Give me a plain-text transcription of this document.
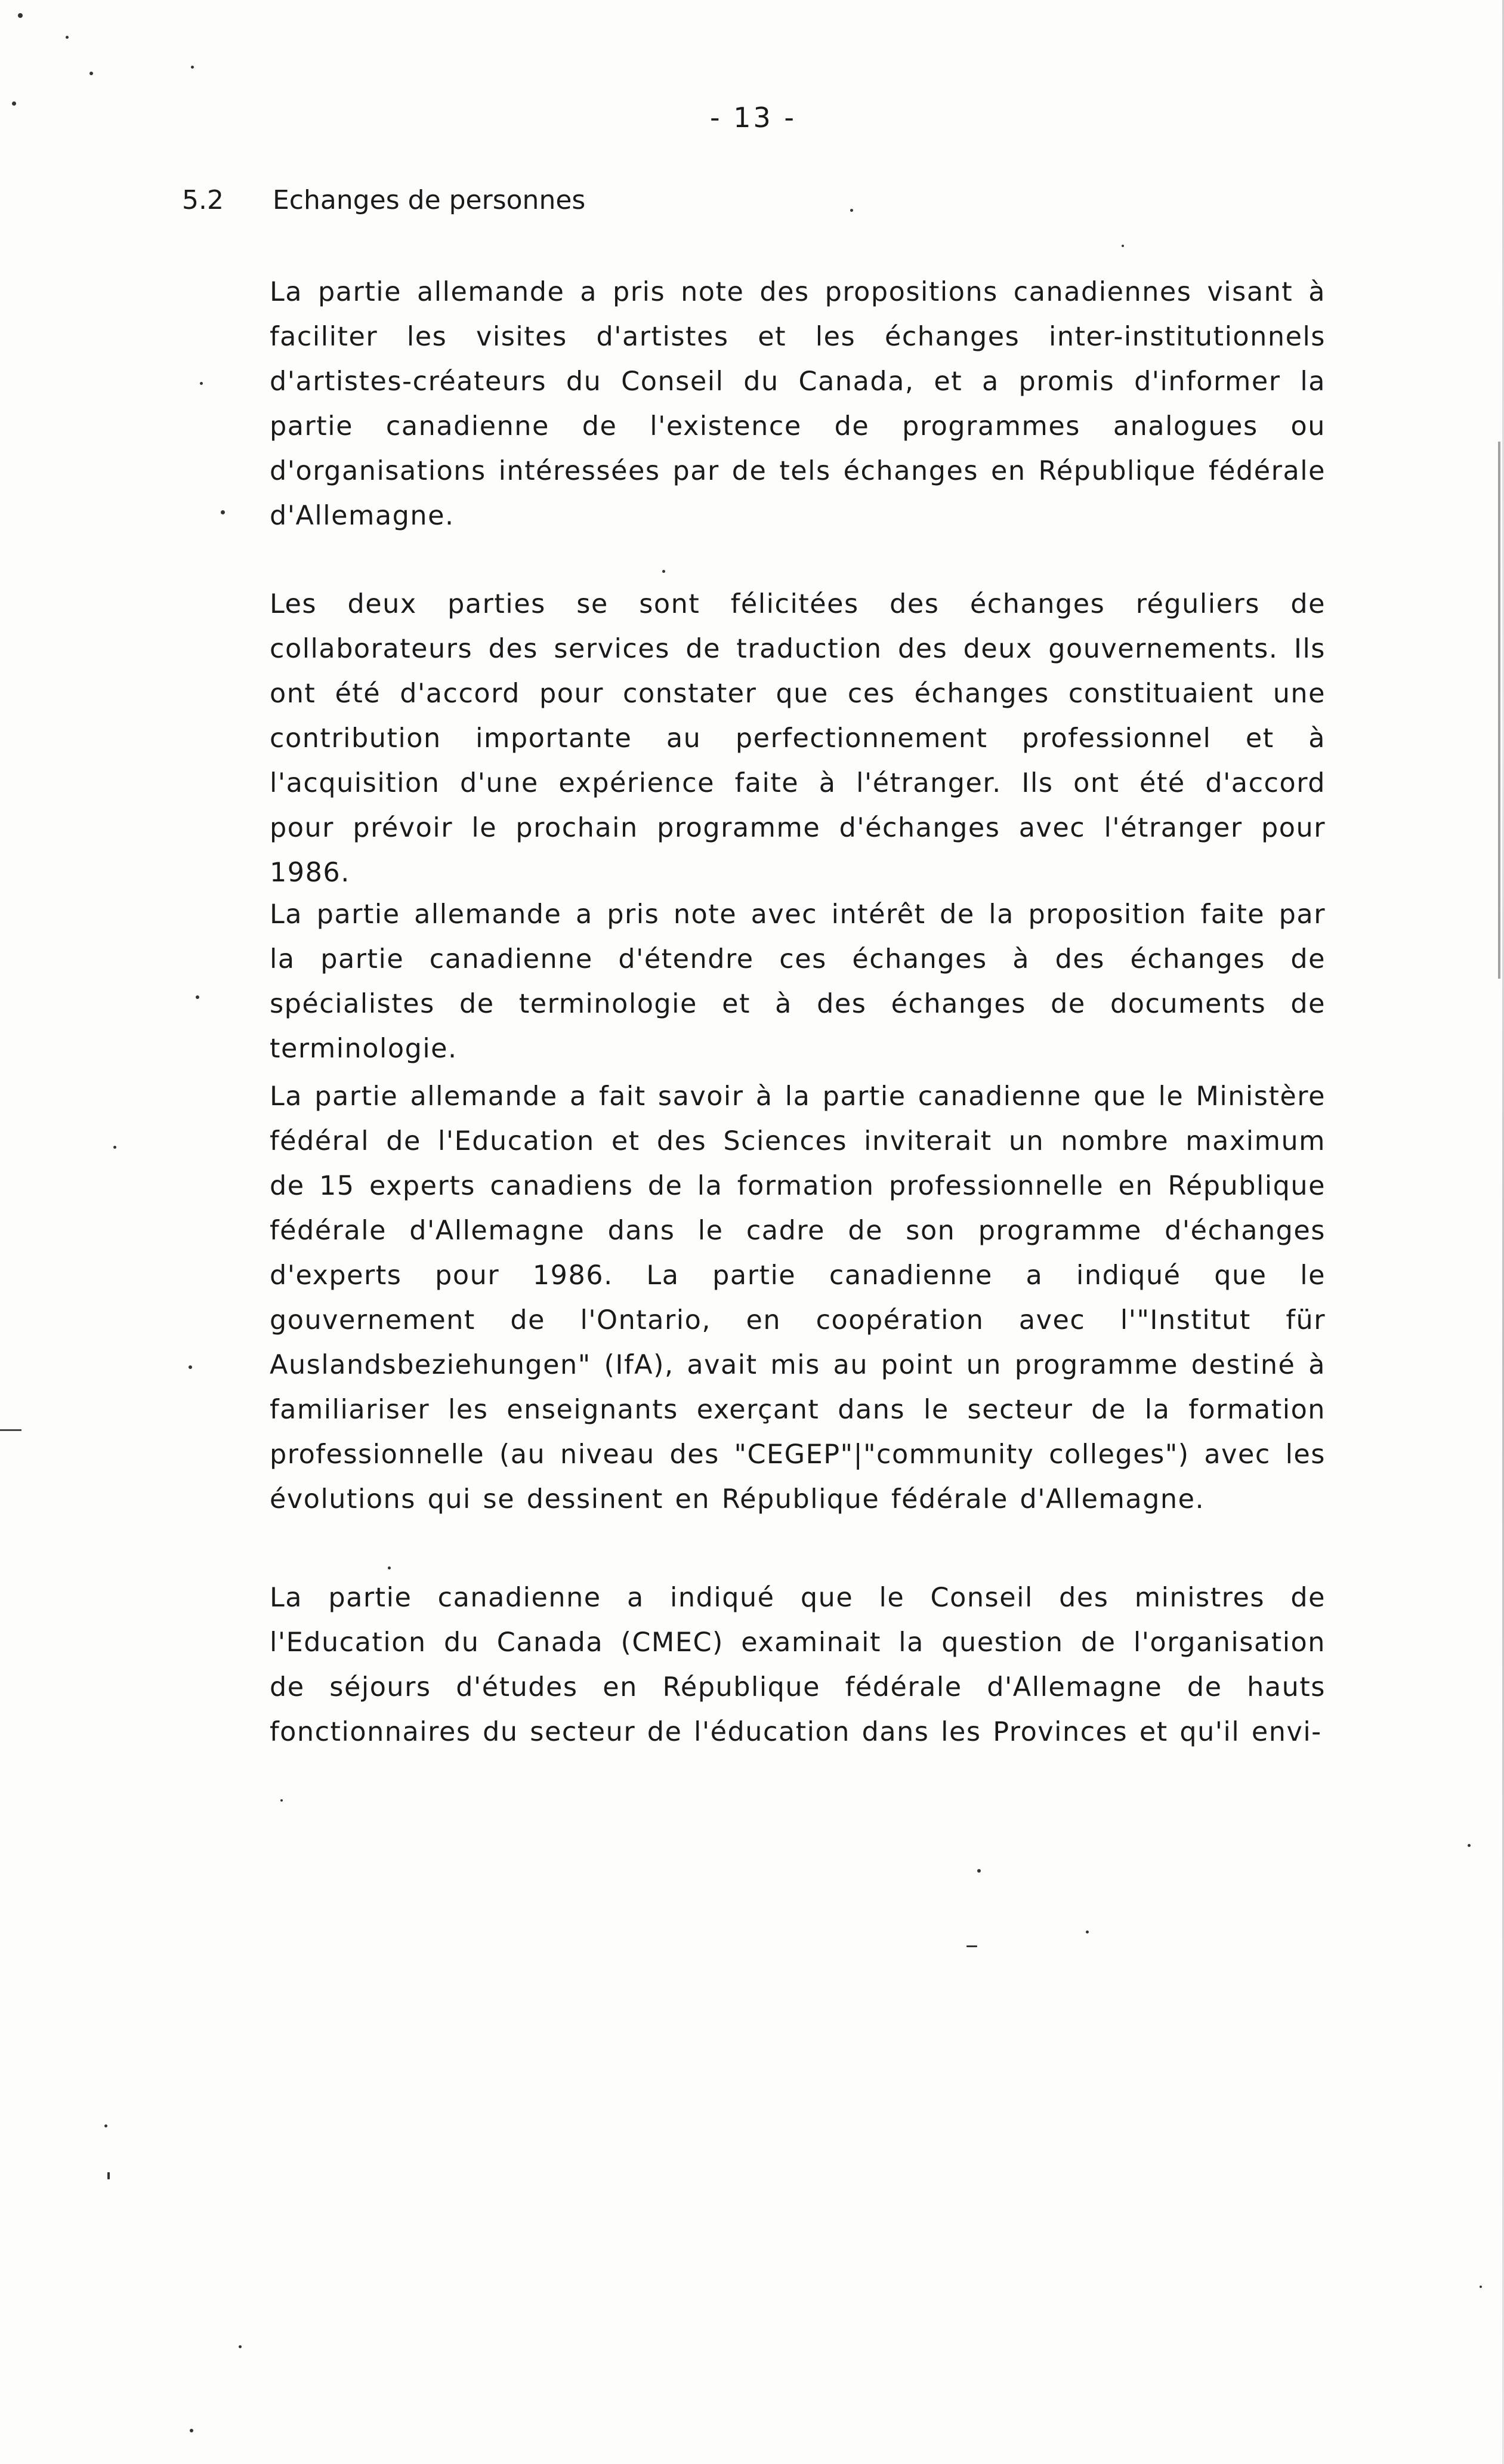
- 13 -
5.2 Echanges de personnes

La partie allemande a pris note des propositions canadiennes visant à faciliter les visites d'artistes et les échanges inter-institutionnels d'artistes-créateurs du Conseil du Canada, et a promis d'informer la partie canadienne de l'existence de programmes analogues ou d'organisations intéressées par de tels échanges en République fédérale d'Allemagne.

Les deux parties se sont félicitées des échanges réguliers de collaborateurs des services de traduction des deux gouvernements. Ils ont été d'accord pour constater que ces échanges constituaient une contribution importante au perfectionnement professionnel et à l'acquisition d'une expérience faite à l'étranger. Ils ont été d'accord pour prévoir le prochain programme d'échanges avec l'étranger pour 1986.

La partie allemande a pris note avec intérêt de la proposition faite par la partie canadienne d'étendre ces échanges à des échanges de spécialistes de terminologie et à des échanges de documents de terminologie.

La partie allemande a fait savoir à la partie canadienne que le Ministère fédéral de l'Education et des Sciences inviterait un nombre maximum de 15 experts canadiens de la formation professionnelle en République fédérale d'Allemagne dans le cadre de son programme d'échanges d'experts pour 1986. La partie canadienne a indiqué que le gouvernement de l'Ontario, en coopération avec l'"Institut für Auslandsbeziehungen" (IfA), avait mis au point un programme destiné à familiariser les enseignants exerçant dans le secteur de la formation professionnelle (au niveau des "CEGEP"|"community colleges") avec les évolutions qui se dessinent en République fédérale d'Allemagne.

La partie canadienne a indiqué que le Conseil des ministres de l'Education du Canada (CMEC) examinait la question de l'organisation de séjours d'études en République fédérale d'Allemagne de hauts fonctionnaires du secteur de l'éducation dans les Provinces et qu'il envi-
